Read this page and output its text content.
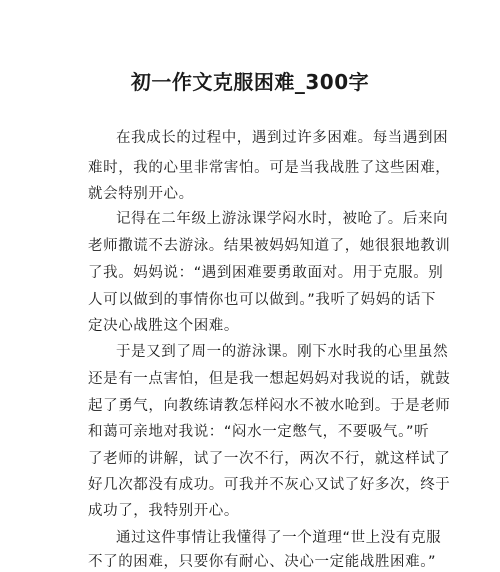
初一作文克服困难_300字
在我成长的过程中，遇到过许多困难。每当遇到困
难时，我的心里非常害怕。可是当我战胜了这些困难，
就会特别开心。
记得在二年级上游泳课学闷水时，被呛了。后来向
老师撒谎不去游泳。结果被妈妈知道了，她很狠地教训
了我。妈妈说：“遇到困难要勇敢面对。用于克服。别
人可以做到的事情你也可以做到。”我听了妈妈的话下
定决心战胜这个困难。
于是又到了周一的游泳课。刚下水时我的心里虽然
还是有一点害怕，但是我一想起妈妈对我说的话，就鼓
起了勇气，向教练请教怎样闷水不被水呛到。于是老师
和蔼可亲地对我说：“闷水一定憋气，不要吸气。”听
了老师的讲解，试了一次不行，两次不行，就这样试了
好几次都没有成功。可我并不灰心又试了好多次，终于
成功了，我特别开心。
通过这件事情让我懂得了一个道理“世上没有克服
不了的困难，只要你有耐心、决心一定能战胜困难。”
